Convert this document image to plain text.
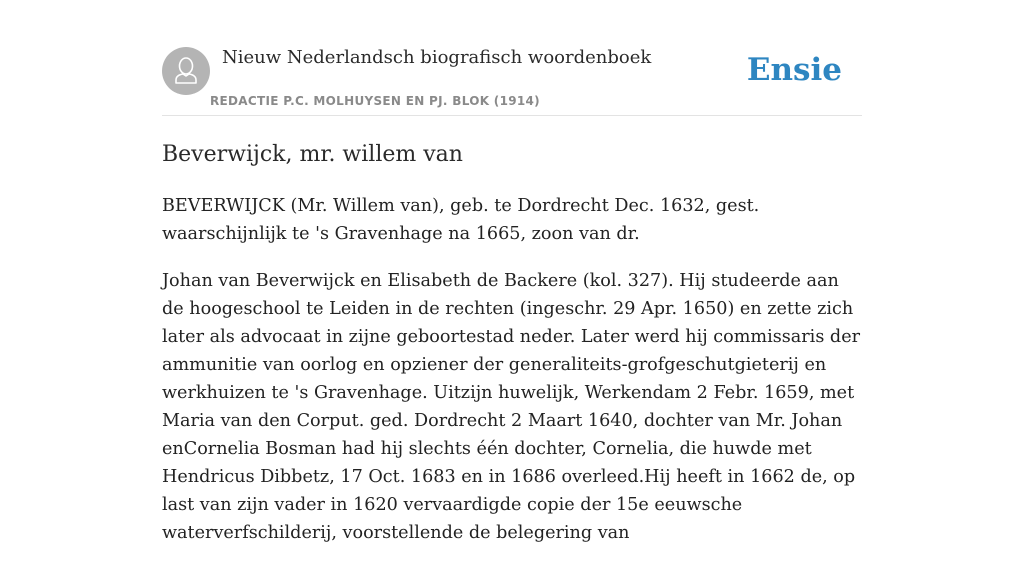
Nieuw Nederlandsch biografisch woordenboek
REDACTIE P.C. MOLHUYSEN EN PJ. BLOK (1914)
Ensie
Beverwijck, mr. willem van

BEVERWIJCK (Mr. Willem van), geb. te Dordrecht Dec. 1632, gest. waarschijnlijk te 's Gravenhage na 1665, zoon van dr.

Johan van Beverwijck en Elisabeth de Backere (kol. 327). Hij studeerde aan de hoogeschool te Leiden in de rechten (ingeschr. 29 Apr. 1650) en zette zich later als advocaat in zijne geboortestad neder. Later werd hij commissaris der ammunitie van oorlog en opziener der generaliteits-grofgeschutgieterij en werkhuizen te 's Gravenhage. Uitzijn huwelijk, Werkendam 2 Febr. 1659, met Maria van den Corput. ged. Dordrecht 2 Maart 1640, dochter van Mr. Johan enCornelia Bosman had hij slechts één dochter, Cornelia, die huwde met Hendricus Dibbetz, 17 Oct. 1683 en in 1686 overleed.Hij heeft in 1662 de, op last van zijn vader in 1620 vervaardigde copie der 15e eeuwsche waterverfschilderij, voorstellende de belegering van
